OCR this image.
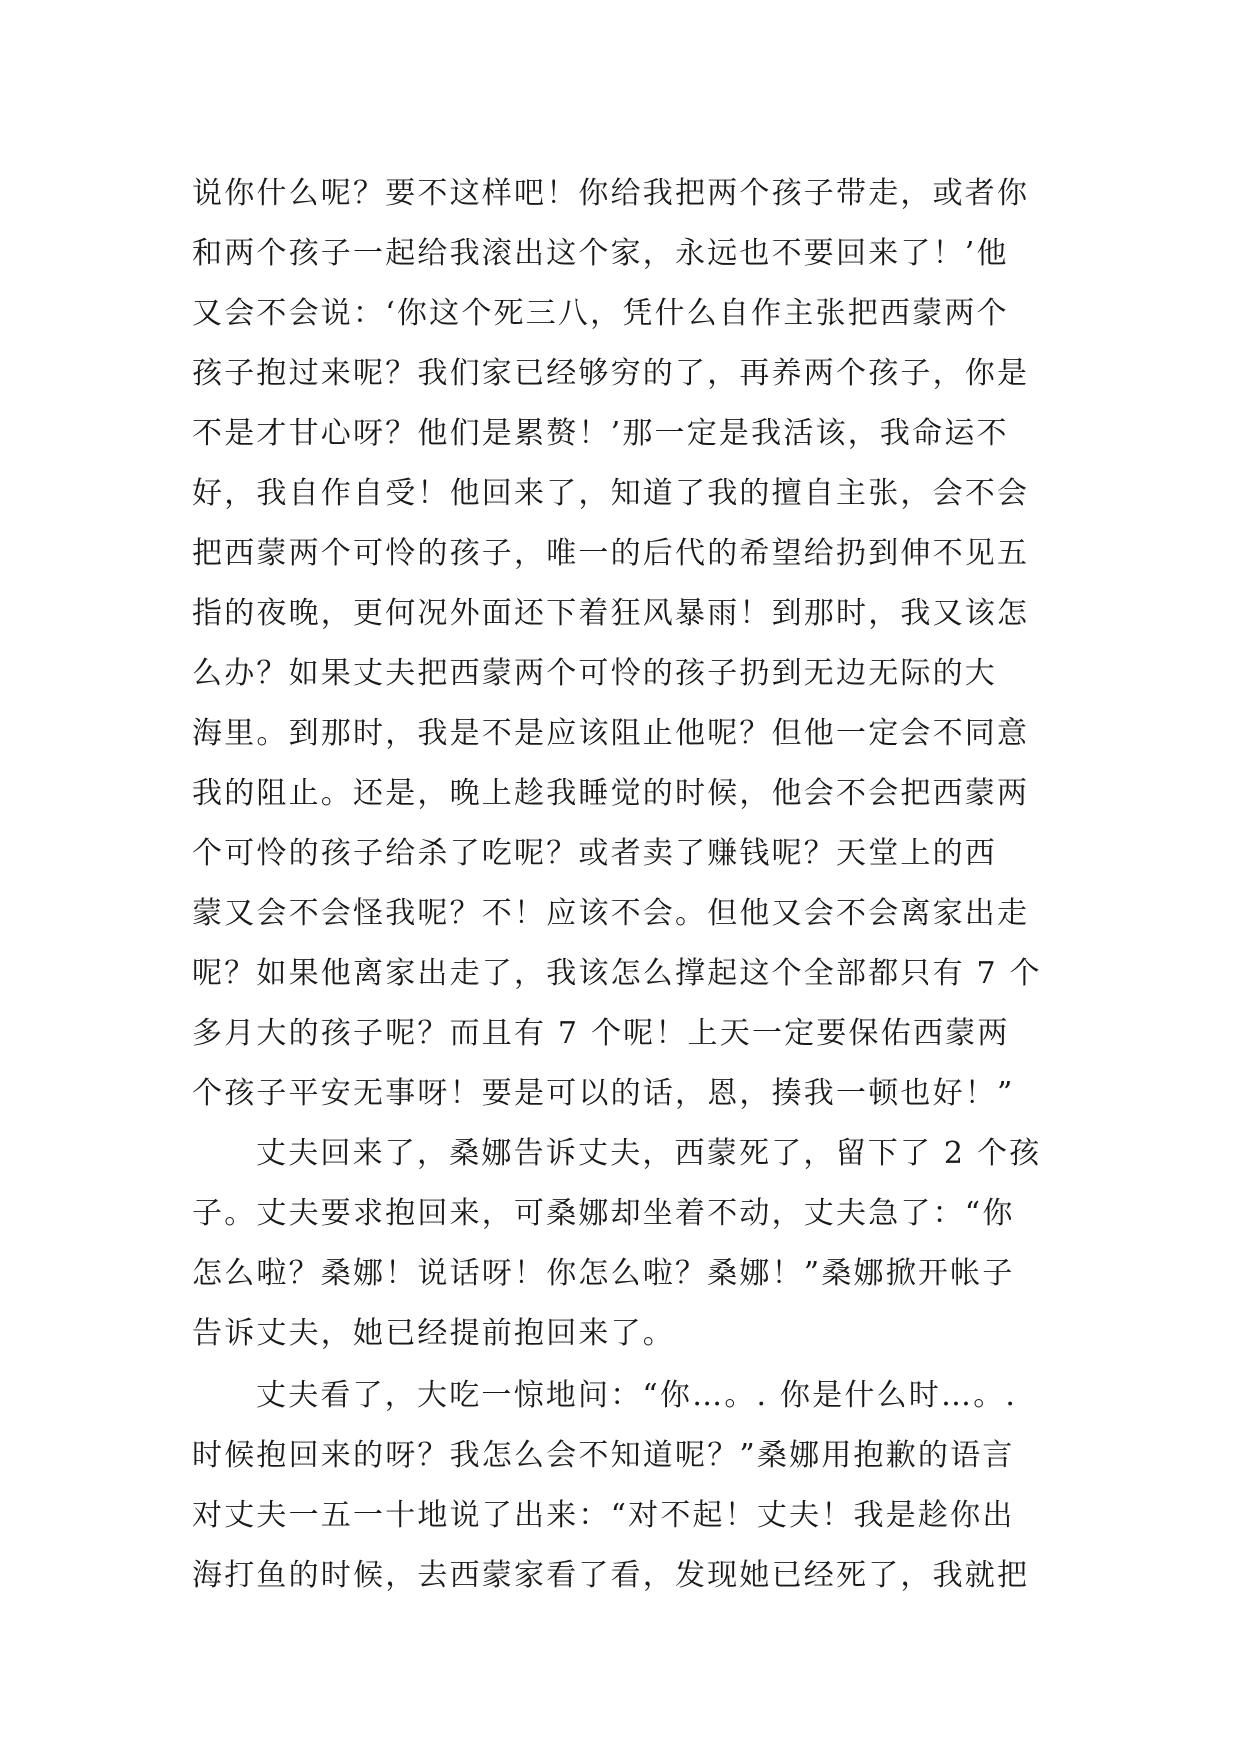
说你什么呢？要不这样吧！你给我把两个孩子带走，或者你
和两个孩子一起给我滚出这个家，永远也不要回来了！’他
又会不会说：‘你这个死三八，凭什么自作主张把西蒙两个
孩子抱过来呢？我们家已经够穷的了，再养两个孩子，你是
不是才甘心呀？他们是累赘！’那一定是我活该，我命运不
好，我自作自受！他回来了，知道了我的擅自主张，会不会
把西蒙两个可怜的孩子，唯一的后代的希望给扔到伸不见五
指的夜晚，更何况外面还下着狂风暴雨！到那时，我又该怎
么办？如果丈夫把西蒙两个可怜的孩子扔到无边无际的大
海里。到那时，我是不是应该阻止他呢？但他一定会不同意
我的阻止。还是，晚上趁我睡觉的时候，他会不会把西蒙两
个可怜的孩子给杀了吃呢？或者卖了赚钱呢？天堂上的西
蒙又会不会怪我呢？不！应该不会。但他又会不会离家出走
呢？如果他离家出走了，我该怎么撑起这个全部都只有 7 个
多月大的孩子呢？而且有 7 个呢！上天一定要保佑西蒙两
个孩子平安无事呀！要是可以的话，恩，揍我一顿也好！”
丈夫回来了，桑娜告诉丈夫，西蒙死了，留下了 2 个孩
子。丈夫要求抱回来，可桑娜却坐着不动，丈夫急了：“你
怎么啦？桑娜！说话呀！你怎么啦？桑娜！”桑娜掀开帐子
告诉丈夫，她已经提前抱回来了。
丈夫看了，大吃一惊地问：“你…。. 你是什么时…。.
时候抱回来的呀？我怎么会不知道呢？”桑娜用抱歉的语言
对丈夫一五一十地说了出来：“对不起！丈夫！我是趁你出
海打鱼的时候，去西蒙家看了看，发现她已经死了，我就把
